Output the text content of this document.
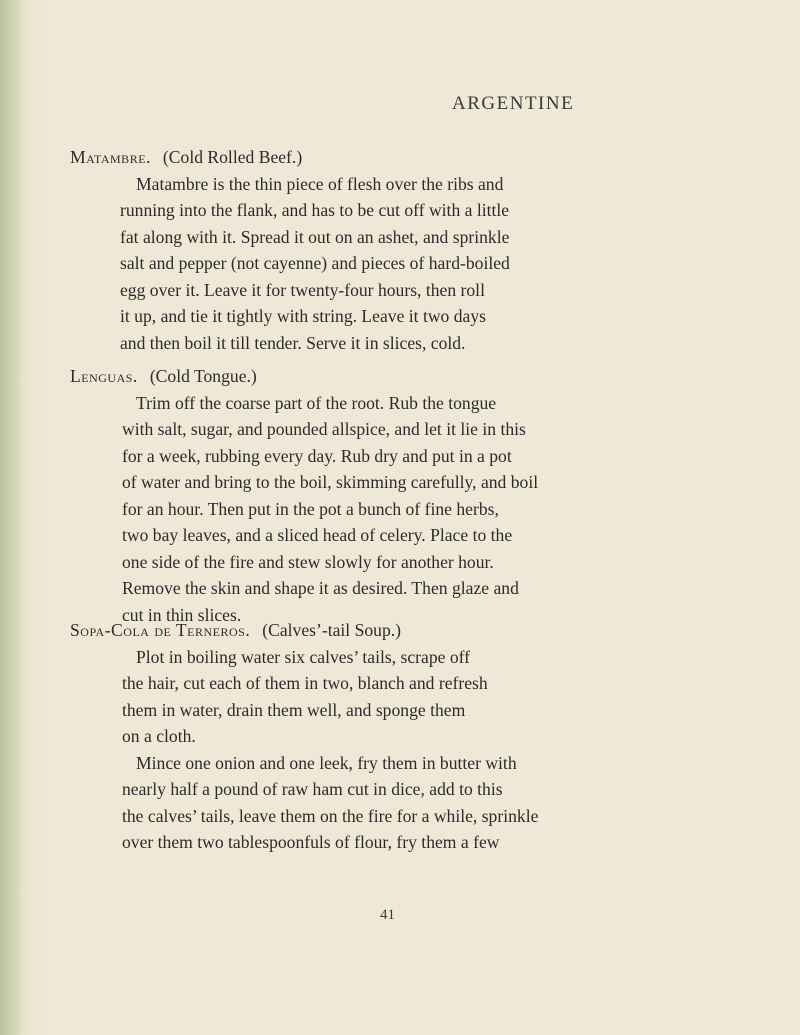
ARGENTINE
Matambre. (Cold Rolled Beef.)
Matambre is the thin piece of flesh over the ribs and
running into the flank, and has to be cut off with a little
fat along with it. Spread it out on an ashet, and sprinkle
salt and pepper (not cayenne) and pieces of hard-boiled
egg over it. Leave it for twenty-four hours, then roll
it up, and tie it tightly with string. Leave it two days
and then boil it till tender. Serve it in slices, cold.
Lenguas. (Cold Tongue.)
Trim off the coarse part of the root. Rub the tongue
with salt, sugar, and pounded allspice, and let it lie in this
for a week, rubbing every day. Rub dry and put in a pot
of water and bring to the boil, skimming carefully, and boil
for an hour. Then put in the pot a bunch of fine herbs,
two bay leaves, and a sliced head of celery. Place to the
one side of the fire and stew slowly for another hour.
Remove the skin and shape it as desired. Then glaze and
cut in thin slices.
Sopa-Cola de Terneros. (Calves’-tail Soup.)
Plot in boiling water six calves’ tails, scrape off
the hair, cut each of them in two, blanch and refresh
them in water, drain them well, and sponge them
on a cloth.
Mince one onion and one leek, fry them in butter with
nearly half a pound of raw ham cut in dice, add to this
the calves’ tails, leave them on the fire for a while, sprinkle
over them two tablespoonfuls of flour, fry them a few
41
